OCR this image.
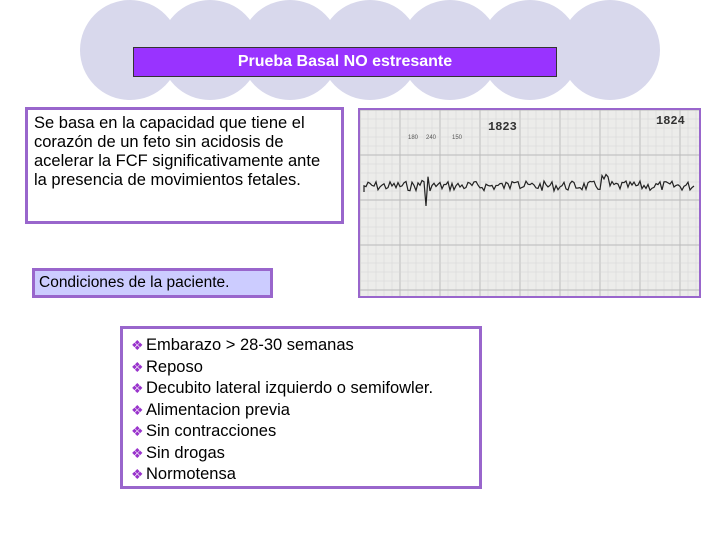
Prueba Basal NO estresante
Se basa en la capacidad que tiene el corazón de un feto sin acidosis de acelerar la FCF significativamente ante la presencia de movimientos fetales.
1823	1824
180 240	150
Condiciones de la paciente.
❖ Embarazo > 28-30 semanas
❖ Reposo
❖ Decubito lateral izquierdo o semifowler.
❖ Alimentacion previa
❖ Sin contracciones
❖ Sin drogas
❖ Normotensa
